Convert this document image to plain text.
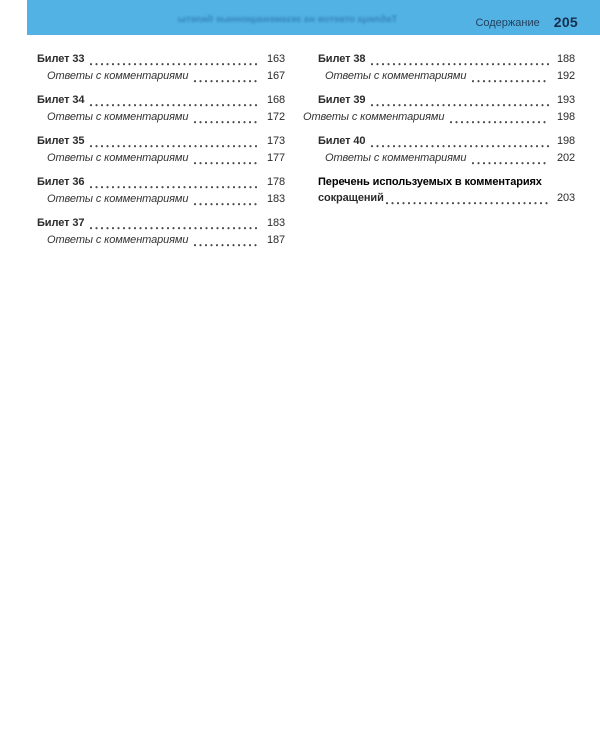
Таблица ответов на экзаменационные билеты	Содержание 205
Билет 33	163
Ответы с комментариями	167
Билет 34	168
Ответы с комментариями	172
Билет 35	173
Ответы с комментариями	177
Билет 36	178
Ответы с комментариями	183
Билет 37	183
Ответы с комментариями	187
Билет 38	188
Ответы с комментариями	192
Билет 39	193
Ответы с комментариями	198
Билет 40	198
Ответы с комментариями	202
Перечень используемых в комментариях
сокращений	203
